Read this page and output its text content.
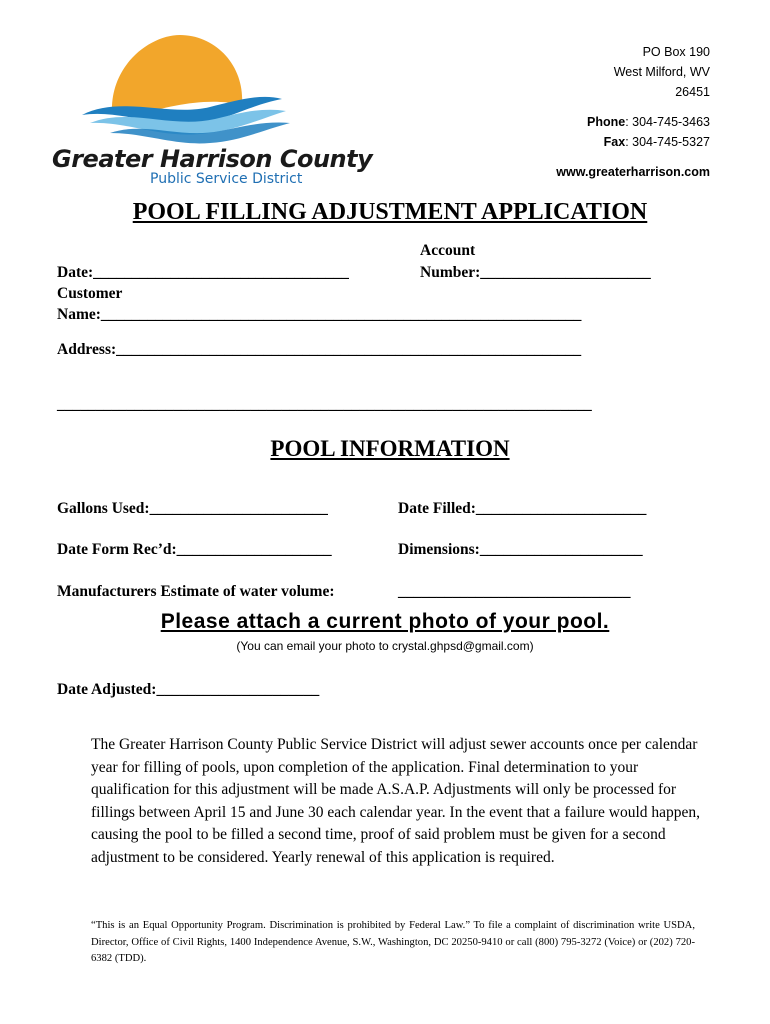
Greater Harrison County
Public Service District
PO Box 190
West Milford, WV
26451
Phone: 304-745-3463
Fax: 304-745-5327
www.greaterharrison.com
POOL FILLING ADJUSTMENT APPLICATION
Date:_________________________________
Account
Number:______________________
Customer
Name:______________________________________________________________
Address:____________________________________________________________
_____________________________________________________________________
POOL INFORMATION
Gallons Used:_______________________	Date Filled:______________________
Date Form Rec’d:____________________	Dimensions:_____________________
Manufacturers Estimate of water volume:	______________________________
Please attach a current photo of your pool.
(You can email your photo to crystal.ghpsd@gmail.com)
Date Adjusted:_____________________
The Greater Harrison County Public Service District will adjust sewer accounts once per calendar year for filling of pools, upon completion of the application. Final determination to your qualification for this adjustment will be made A.S.A.P. Adjustments will only be processed for fillings between April 15 and June 30 each calendar year. In the event that a failure would happen, causing the pool to be filled a second time, proof of said problem must be given for a second adjustment to be considered. Yearly renewal of this application is required.
“This is an Equal Opportunity Program. Discrimination is prohibited by Federal Law.” To file a complaint of discrimination write USDA, Director, Office of Civil Rights, 1400 Independence Avenue, S.W., Washington, DC 20250-9410 or call (800) 795-3272 (Voice) or (202) 720-6382 (TDD).
